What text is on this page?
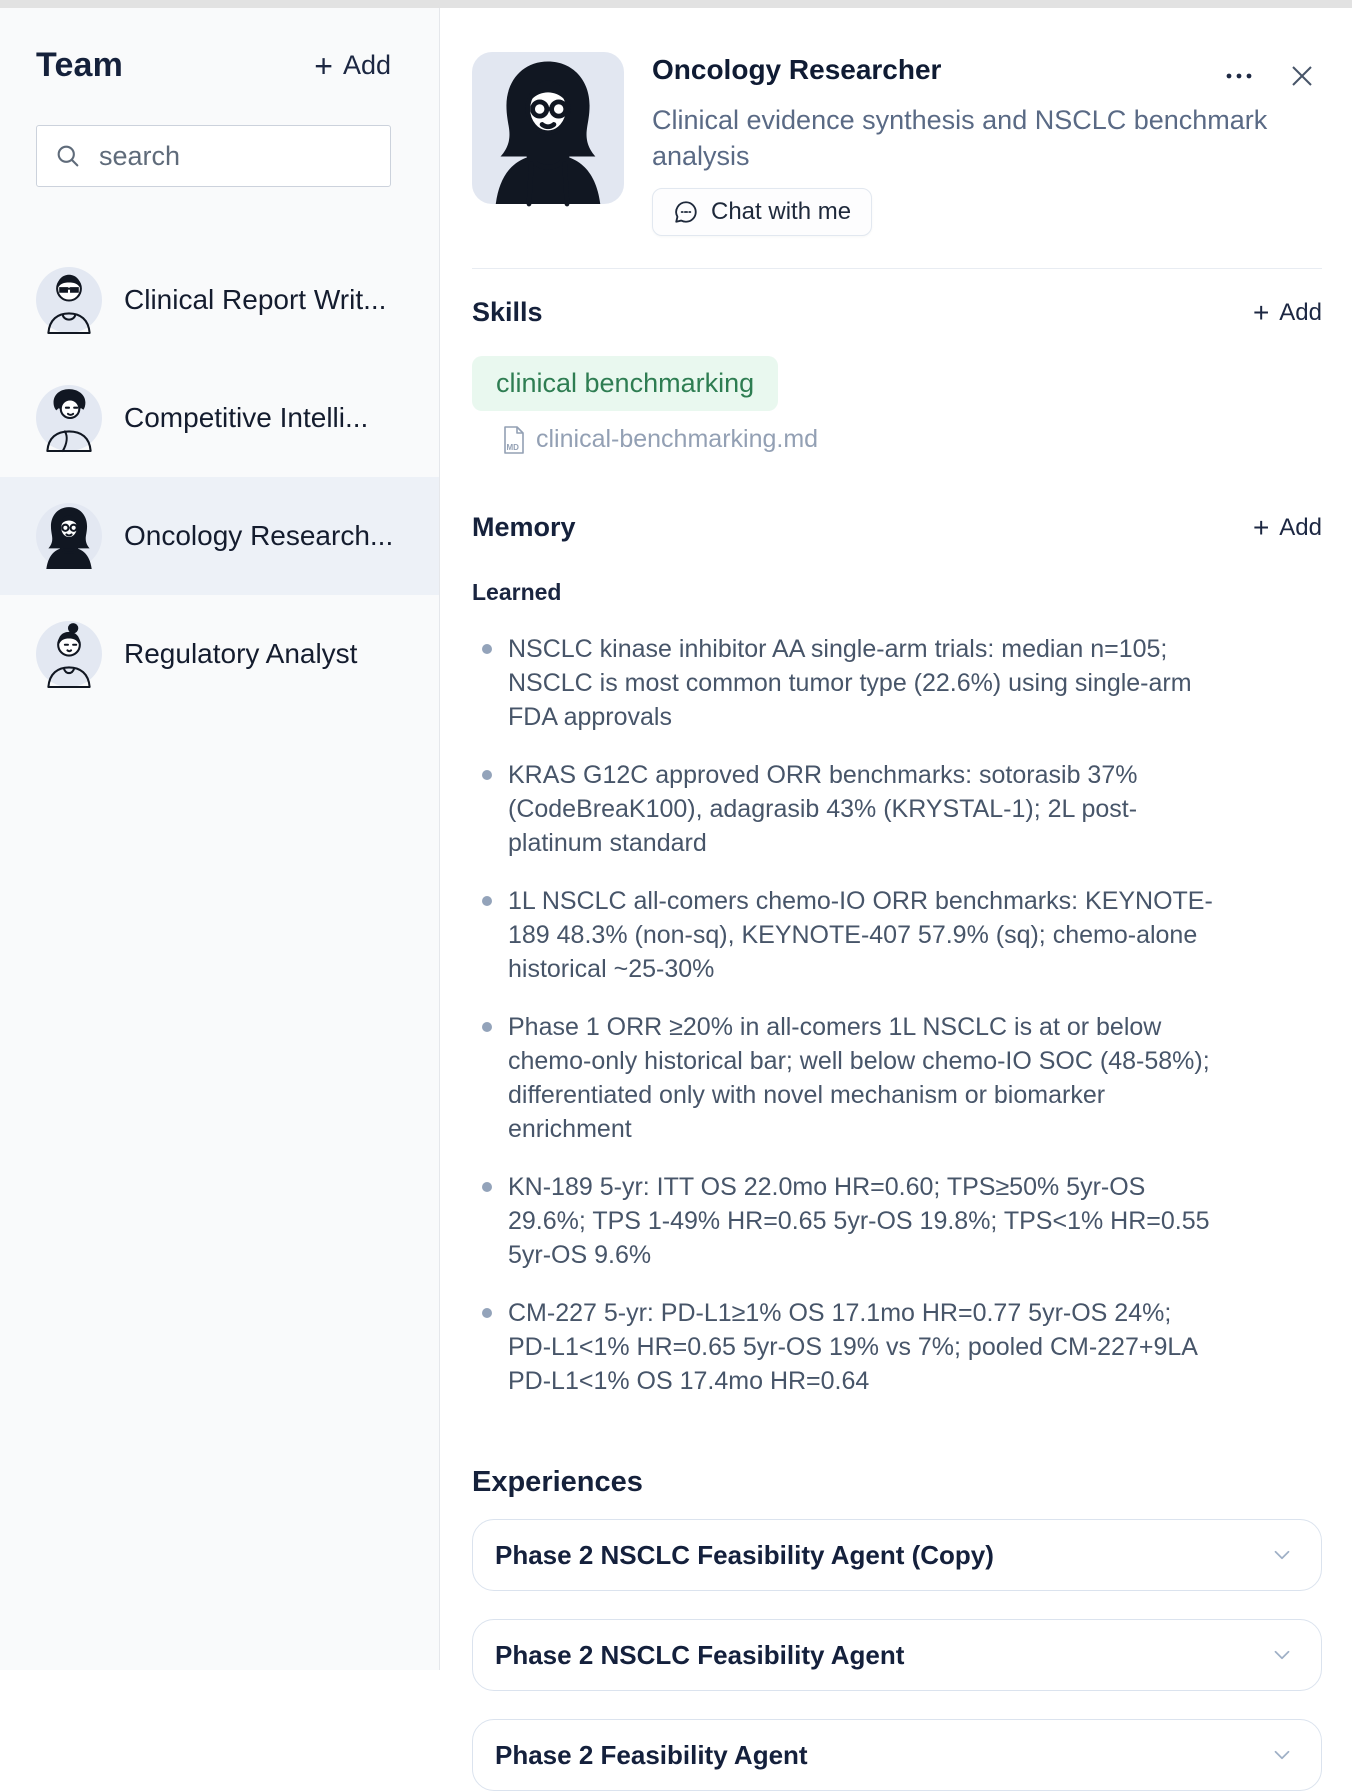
Team	+ Add
search
Clinical Report Writ...
Competitive Intelli...
Oncology Research...
Regulatory Analyst
Oncology Researcher

Clinical evidence synthesis and NSCLC benchmark analysis

Chat with me
Skills	+ Add
clinical benchmarking
MD clinical-benchmarking.md
Memory	+ Add
Learned
NSCLC kinase inhibitor AA single-arm trials: median n=105; NSCLC is most common tumor type (22.6%) using single-arm FDA approvals
KRAS G12C approved ORR benchmarks: sotorasib 37% (CodeBreaK100), adagrasib 43% (KRYSTAL-1); 2L post-platinum standard
1L NSCLC all-comers chemo-IO ORR benchmarks: KEYNOTE-189 48.3% (non-sq), KEYNOTE-407 57.9% (sq); chemo-alone historical ~25-30%
Phase 1 ORR ≥20% in all-comers 1L NSCLC is at or below chemo-only historical bar; well below chemo-IO SOC (48-58%); differentiated only with novel mechanism or biomarker enrichment
KN-189 5-yr: ITT OS 22.0mo HR=0.60; TPS≥50% 5yr-OS 29.6%; TPS 1-49% HR=0.65 5yr-OS 19.8%; TPS<1% HR=0.55 5yr-OS 9.6%
CM-227 5-yr: PD-L1≥1% OS 17.1mo HR=0.77 5yr-OS 24%; PD-L1<1% HR=0.65 5yr-OS 19% vs 7%; pooled CM-227+9LA PD-L1<1% OS 17.4mo HR=0.64
Experiences
Phase 2 NSCLC Feasibility Agent (Copy)
Phase 2 NSCLC Feasibility Agent
Phase 2 Feasibility Agent
